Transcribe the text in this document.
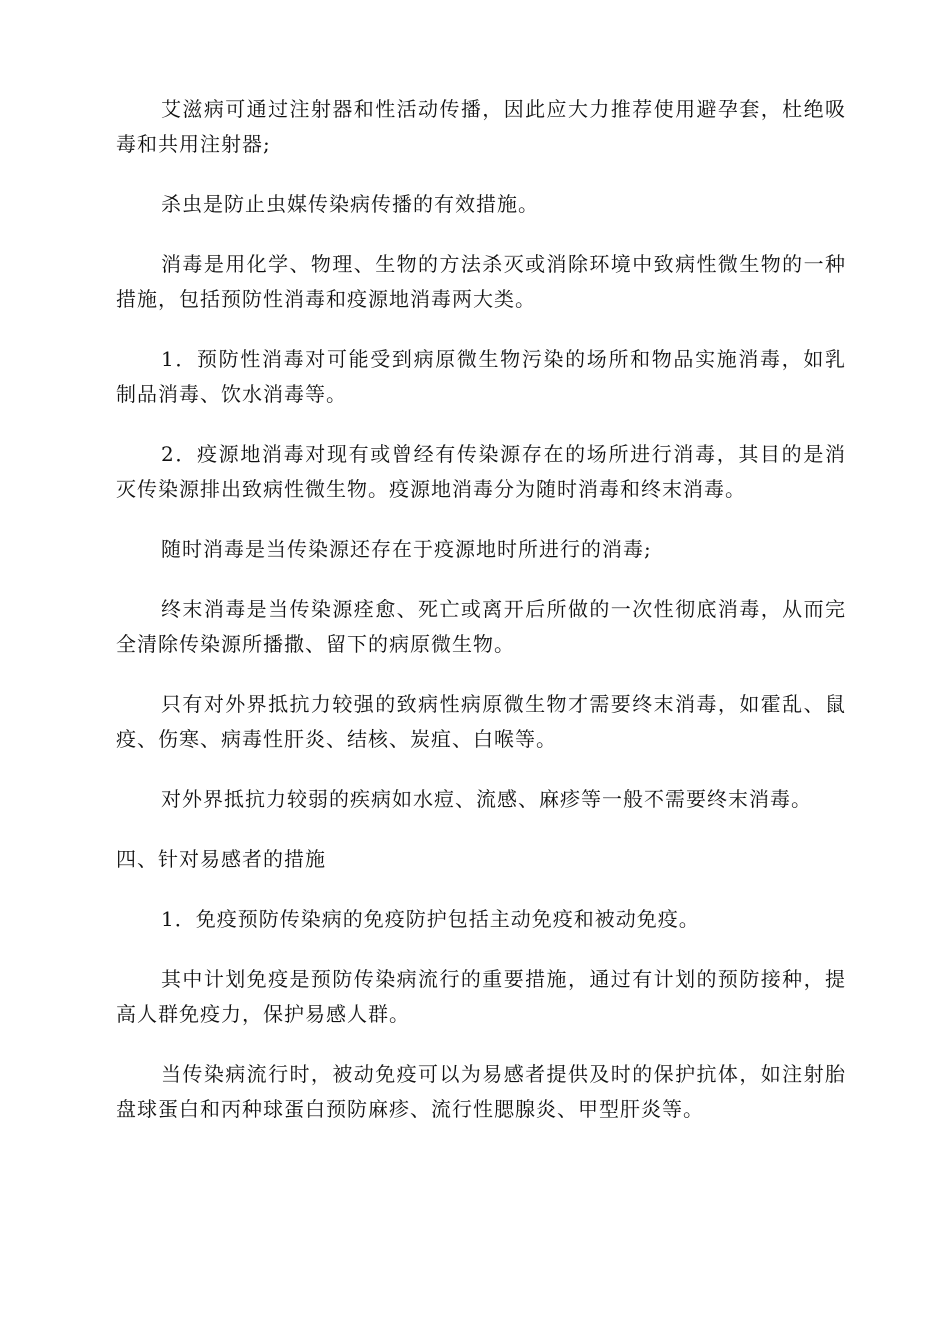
艾滋病可通过注射器和性活动传播，因此应大力推荐使用避孕套，杜绝吸毒和共用注射器;

杀虫是防止虫媒传染病传播的有效措施。

消毒是用化学、物理、生物的方法杀灭或消除环境中致病性微生物的一种措施，包括预防性消毒和疫源地消毒两大类。

1．预防性消毒对可能受到病原微生物污染的场所和物品实施消毒，如乳制品消毒、饮水消毒等。

2．疫源地消毒对现有或曾经有传染源存在的场所进行消毒，其目的是消灭传染源排出致病性微生物。疫源地消毒分为随时消毒和终末消毒。

随时消毒是当传染源还存在于疫源地时所进行的消毒;

终末消毒是当传染源痊愈、死亡或离开后所做的一次性彻底消毒，从而完全清除传染源所播撒、留下的病原微生物。

只有对外界抵抗力较强的致病性病原微生物才需要终末消毒，如霍乱、鼠疫、伤寒、病毒性肝炎、结核、炭疽、白喉等。

对外界抵抗力较弱的疾病如水痘、流感、麻疹等一般不需要终末消毒。

四、针对易感者的措施

1．免疫预防传染病的免疫防护包括主动免疫和被动免疫。

其中计划免疫是预防传染病流行的重要措施，通过有计划的预防接种，提高人群免疫力，保护易感人群。

当传染病流行时，被动免疫可以为易感者提供及时的保护抗体，如注射胎盘球蛋白和丙种球蛋白预防麻疹、流行性腮腺炎、甲型肝炎等。
